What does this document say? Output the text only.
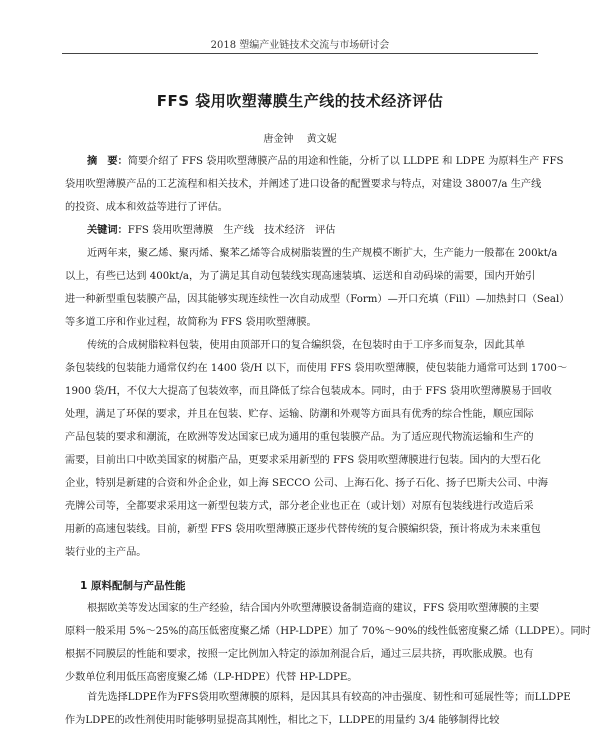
2018 塑编产业链技术交流与市场研讨会
FFS 袋用吹塑薄膜生产线的技术经济评估
唐金钟 黄文妮
摘　要：简要介绍了 FFS 袋用吹塑薄膜产品的用途和性能，分析了以 LLDPE 和 LDPE 为原料生产 FFS
袋用吹塑薄膜产品的工艺流程和相关技术，并阐述了进口设备的配置要求与特点，对建设 38007/a 生产线
的投资、成本和效益等进行了评估。
关键词：FFS 袋用吹塑薄膜　生产线　技术经济　评估
近两年来，聚乙烯、聚丙烯、聚苯乙烯等合成树脂装置的生产规模不断扩大，生产能力一般都在 200kt/a
以上，有些已达到 400kt/a，为了满足其自动包装线实现高速装填、运送和自动码垛的需要，国内开始引
进一种新型重包装膜产品，因其能够实现连续性一次自动成型（Form）—开口充填（Fill）—加热封口（Seal）
等多道工序和作业过程，故简称为 FFS 袋用吹塑薄膜。
传统的合成树脂粒料包装，使用由顶部开口的复合编织袋，在包装时由于工序多而复杂，因此其单
条包装线的包装能力通常仅约在 1400 袋/H 以下，而使用 FFS 袋用吹塑薄膜，使包装能力通常可达到 1700～
1900 袋/H，不仅大大提高了包装效率，而且降低了综合包装成本。同时，由于 FFS 袋用吹塑薄膜易于回收
处理，满足了环保的要求，并且在包装、贮存、运输、防潮和外观等方面具有优秀的综合性能，顺应国际
产品包装的要求和潮流，在欧洲等发达国家已成为通用的重包装膜产品。为了适应现代物流运输和生产的
需要，目前出口中欧美国家的树脂产品，更要求采用新型的 FFS 袋用吹塑薄膜进行包装。国内的大型石化
企业，特别是新建的合资和外企企业，如上海 SECCO 公司、上海石化、扬子石化、扬子巴斯夫公司、中海
壳牌公司等，全都要求采用这一新型包装方式，部分老企业也正在（或计划）对原有包装线进行改造后采
用新的高速包装线。目前，新型 FFS 袋用吹塑薄膜正逐步代替传统的复合膜编织袋，预计将成为未来重包
装行业的主产品。
1 原料配制与产品性能
根据欧美等发达国家的生产经验，结合国内外吹塑薄膜设备制造商的建议，FFS 袋用吹塑薄膜的主要
原料一般采用 5%～25%的高压低密度聚乙烯（HP-LDPE）加了 70%～90%的线性低密度聚乙烯（LLDPE）。同时
根据不同膜层的性能和要求，按照一定比例加入特定的添加剂混合后，通过三层共挤，再吹胀成膜。也有
少数单位利用低压高密度聚乙烯（LP-HDPE）代替 HP-LDPE。
首先选择LDPE作为FFS袋用吹塑薄膜的原料，是因其具有较高的冲击强度、韧性和可延展性等；而LLDPE
作为LDPE的改性剂使用时能够明显提高其刚性，相比之下，LLDPE的用量约 3/4 能够制得比较
